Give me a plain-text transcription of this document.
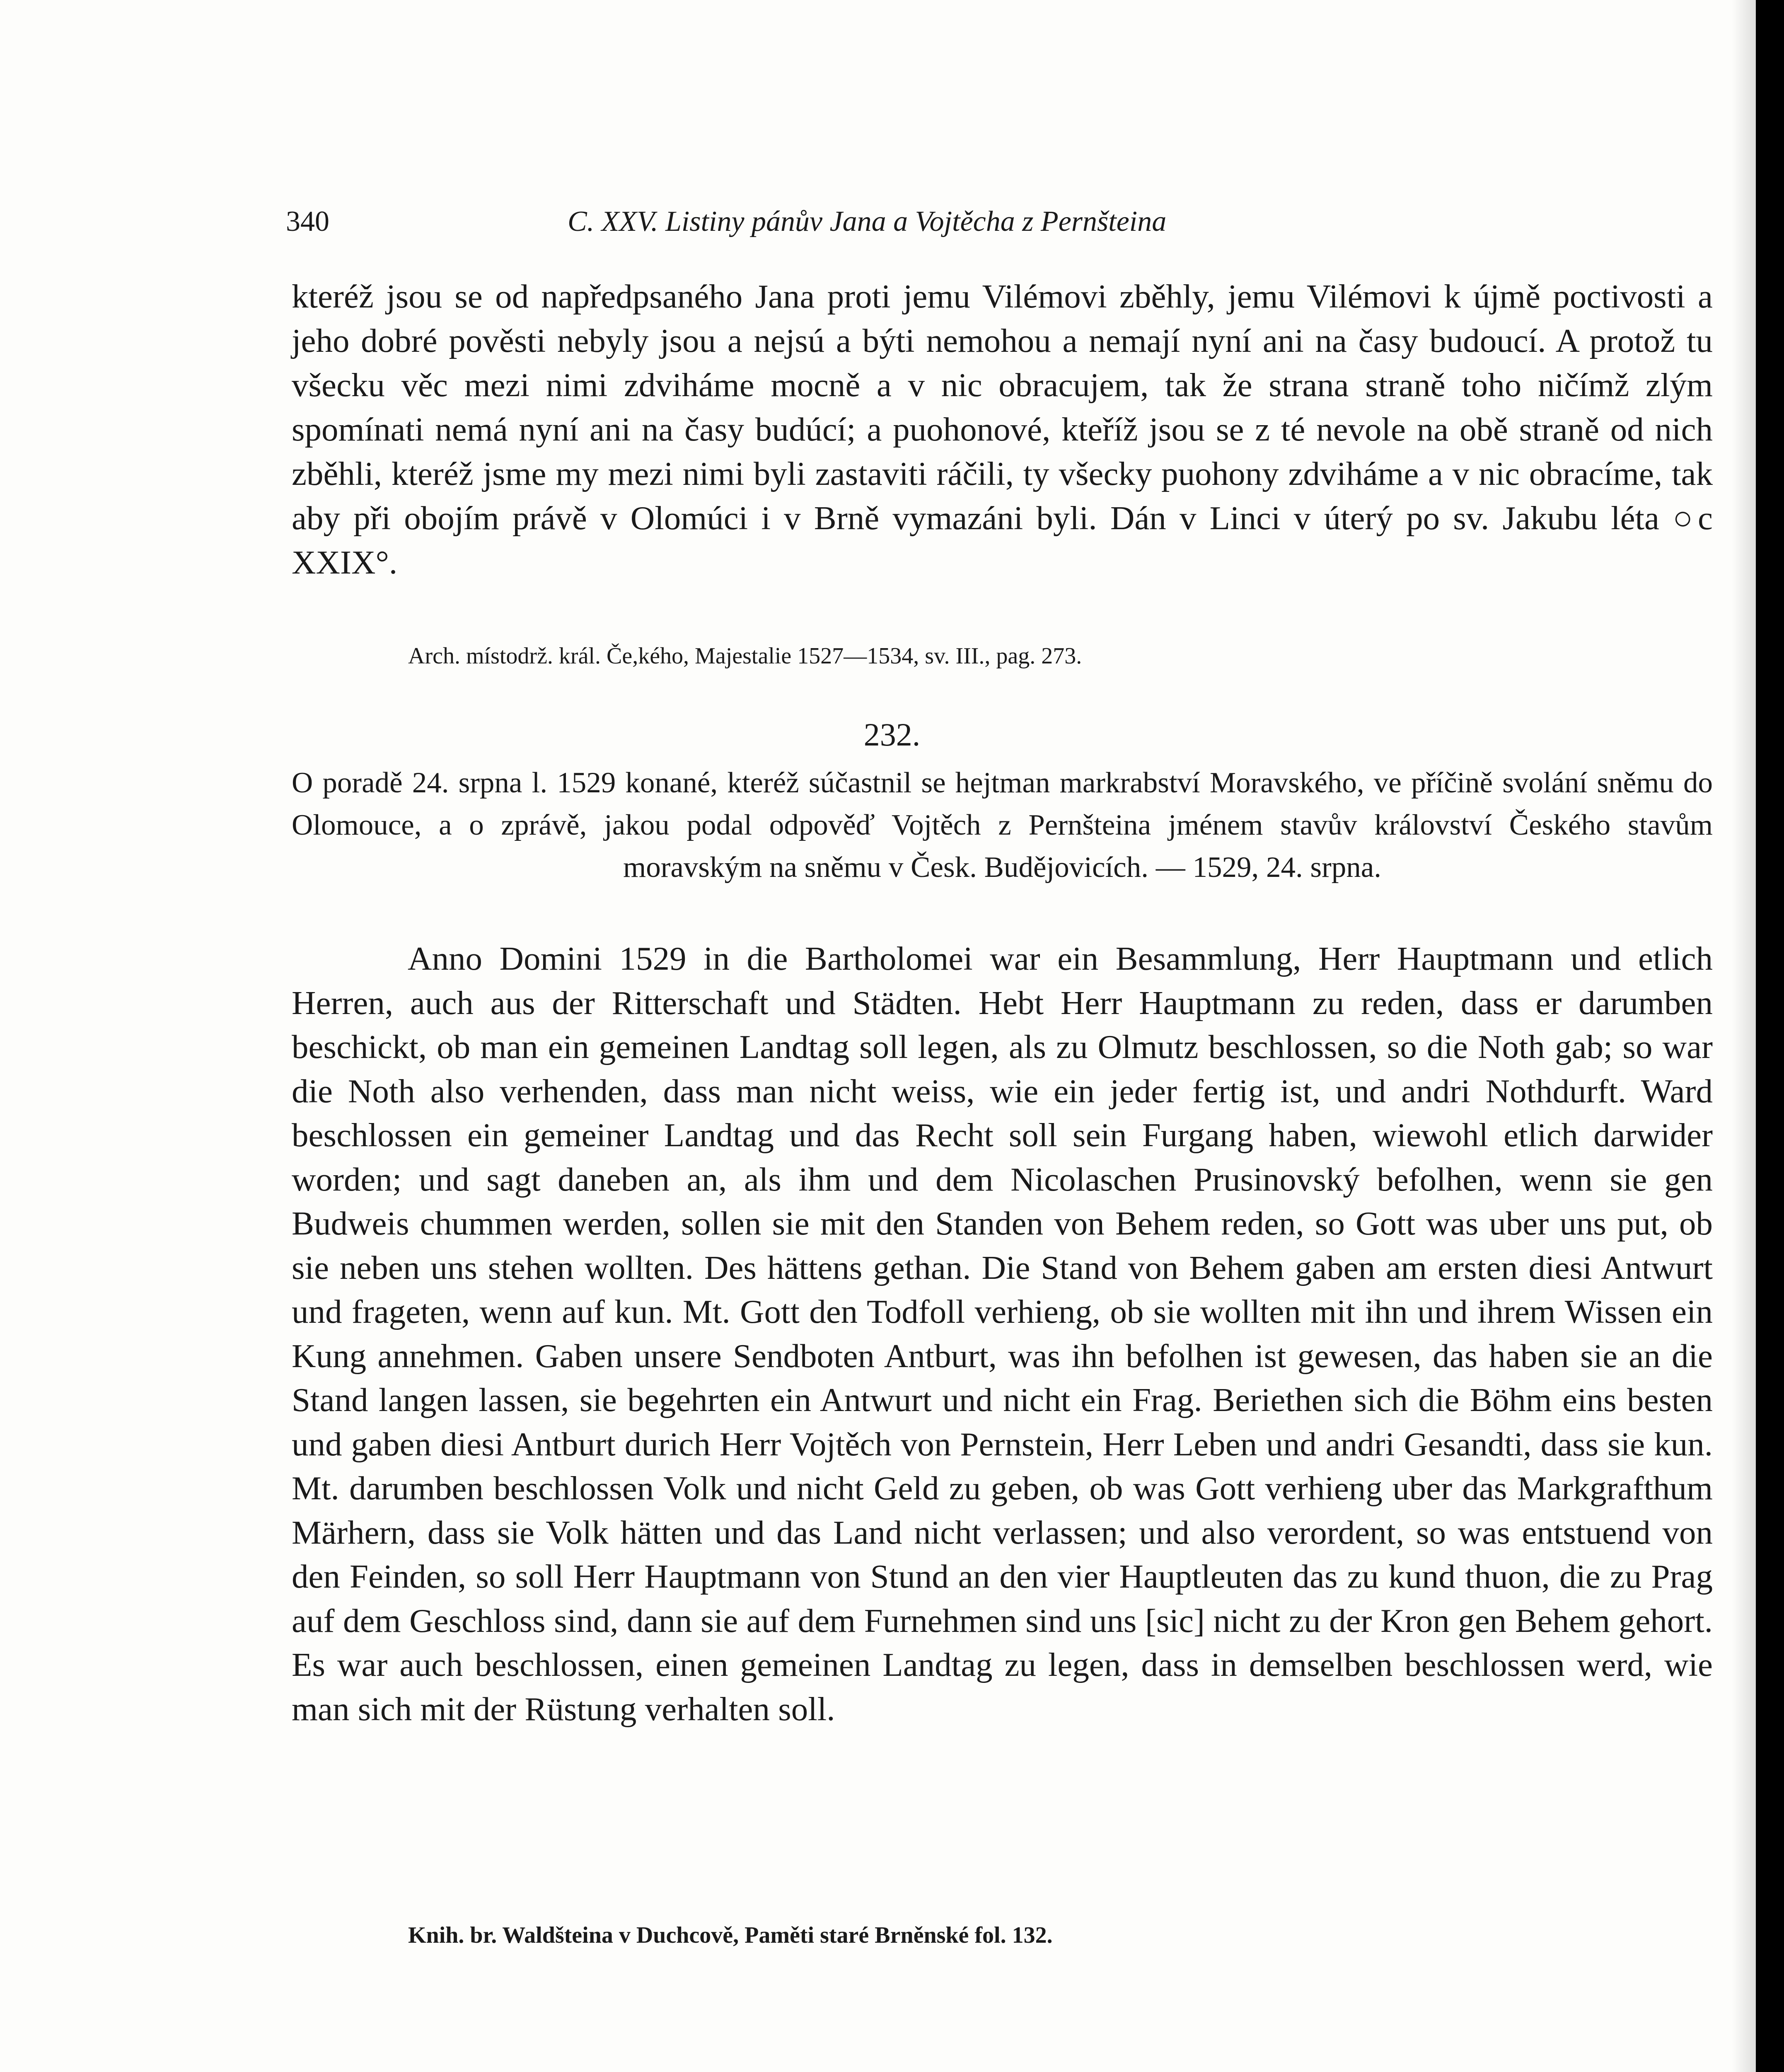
340	C. XXV. Listiny pánův Jana a Vojtěcha z Pernšteina

kteréž jsou se od napředpsaného Jana proti jemu Vilémovi zběhly, jemu Vilémovi k újmě poctivosti a jeho dobré pověsti nebyly jsou a nejsú a býti nemohou a nemají nyní ani na časy budoucí. A protož tu všecku věc mezi nimi zdviháme mocně a v nic obracujem, tak že strana straně toho ničímž zlým spomínati nemá nyní ani na časy budúcí; a puohonové, kteříž jsou se z té nevole na obě straně od nich zběhli, kteréž jsme my mezi nimi byli zastaviti ráčili, ty všecky puohony zdviháme a v nic obracíme, tak aby při obojím právě v Olomúci i v Brně vymazáni byli. Dán v Linci v úterý po sv. Jakubu léta ○c XXIX°.

Arch. místodrž. král. Če,kého, Majestalie 1527—1534, sv. III., pag. 273.

232.

O poradě 24. srpna l. 1529 konané, kteréž súčastnil se hejtman markrabství Moravského, ve příčině svolání sněmu do Olomouce, a o zprávě, jakou podal odpověď Vojtěch z Pernšteina jménem stavův království Českého stavům moravským na sněmu v Česk. Budějovicích. — 1529, 24. srpna.

Anno Domini 1529 in die Bartholomei war ein Besammlung, Herr Hauptmann und etlich Herren, auch aus der Ritterschaft und Städten. Hebt Herr Hauptmann zu reden, dass er darumben beschickt, ob man ein gemeinen Landtag soll legen, als zu Olmutz beschlossen, so die Noth gab; so war die Noth also verhenden, dass man nicht weiss, wie ein jeder fertig ist, und andri Nothdurft. Ward beschlossen ein gemeiner Landtag und das Recht soll sein Furgang haben, wiewohl etlich darwider worden; und sagt daneben an, als ihm und dem Nicolaschen Prusinovský befolhen, wenn sie gen Budweis chummen werden, sollen sie mit den Standen von Behem reden, so Gott was uber uns put, ob sie neben uns stehen wollten. Des hättens gethan. Die Stand von Behem gaben am ersten diesi Antwurt und frageten, wenn auf kun. Mt. Gott den Todfoll verhieng, ob sie wollten mit ihn und ihrem Wissen ein Kung annehmen. Gaben unsere Sendboten Antburt, was ihn befolhen ist gewesen, das haben sie an die Stand langen lassen, sie begehrten ein Antwurt und nicht ein Frag. Beriethen sich die Böhm eins besten und gaben diesi Antburt durich Herr Vojtěch von Pernstein, Herr Leben und andri Gesandti, dass sie kun. Mt. darumben beschlossen Volk und nicht Geld zu geben, ob was Gott verhieng uber das Markgrafthum Märhern, dass sie Volk hätten und das Land nicht verlassen; und also verordent, so was entstuend von den Feinden, so soll Herr Hauptmann von Stund an den vier Hauptleuten das zu kund thuon, die zu Prag auf dem Geschloss sind, dann sie auf dem Furnehmen sind uns [sic] nicht zu der Kron gen Behem gehort. Es war auch beschlossen, einen gemeinen Landtag zu legen, dass in demselben beschlossen werd, wie man sich mit der Rüstung verhalten soll.

Knih. br. Waldšteina v Duchcově, Paměti staré Brněnské fol. 132.
